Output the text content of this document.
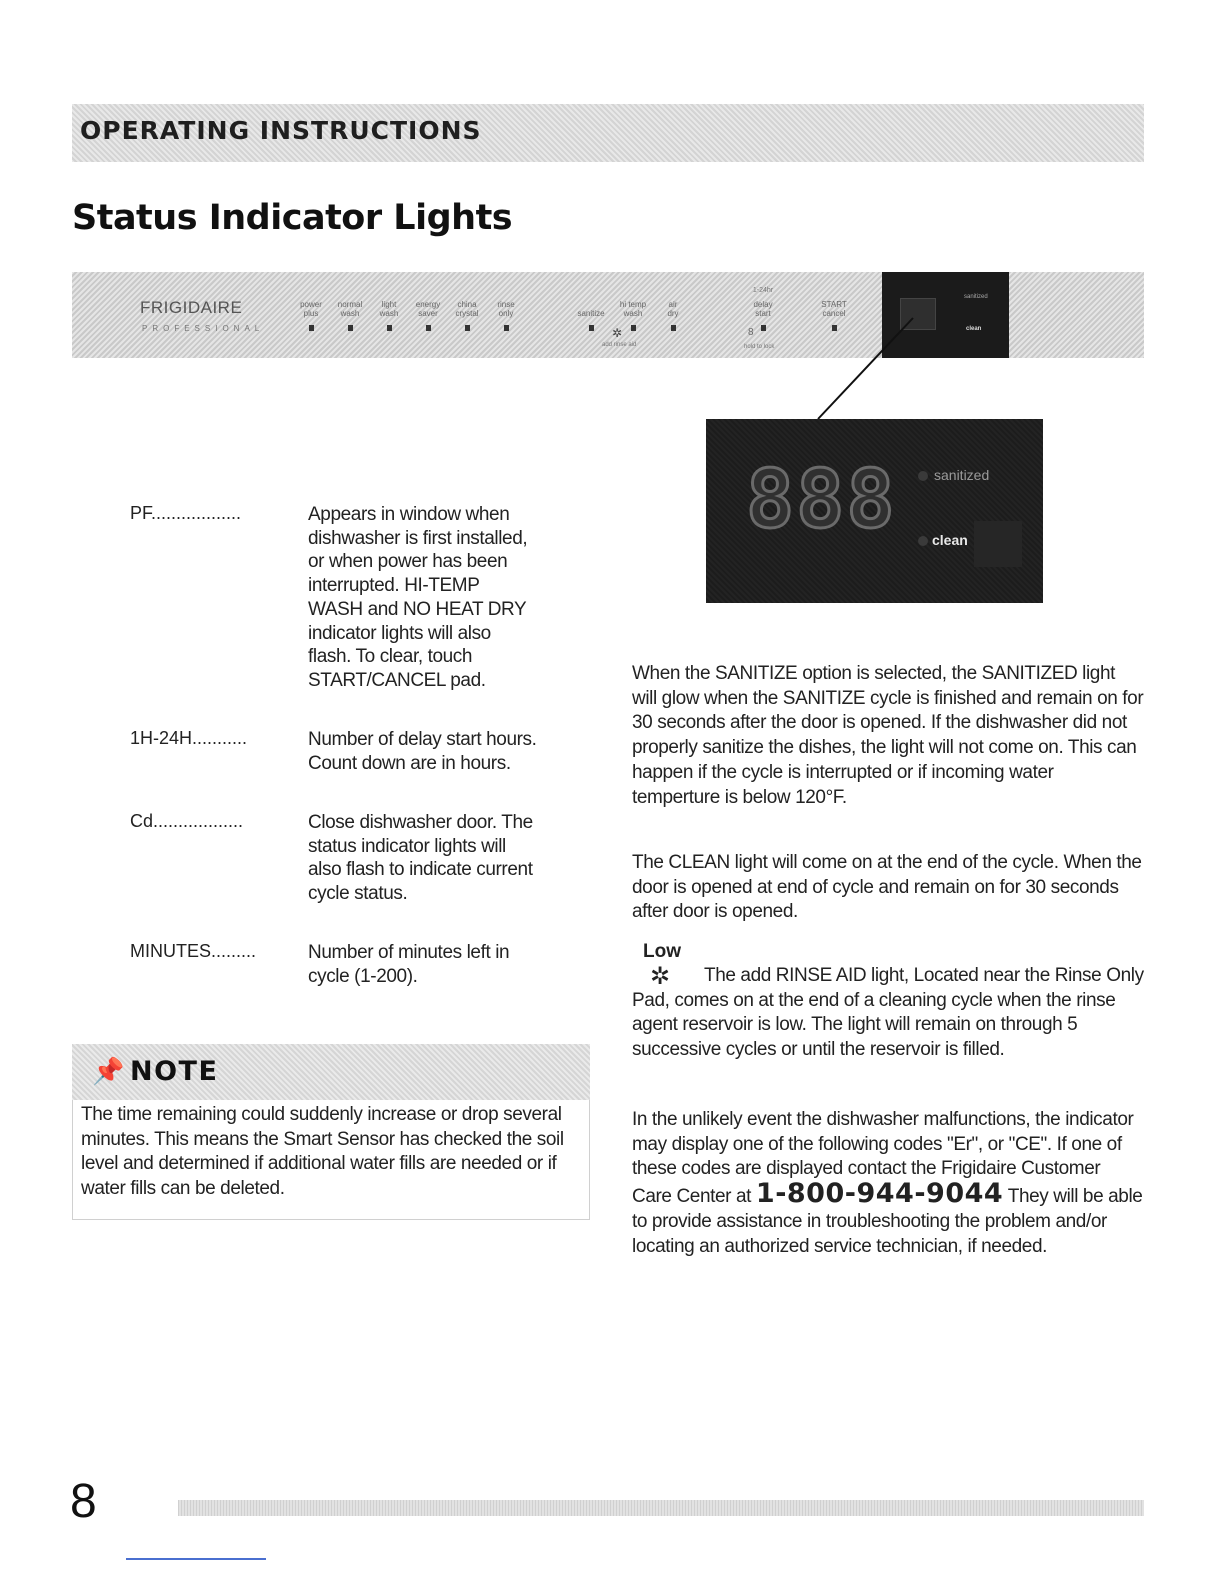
OPERATING INSTRUCTIONS
Status Indicator Lights
FRIGIDAIRE
PROFESSIONAL
power
plus
normal
wash
light
wash
energy
saver
china
crystal
rinse
only
✲
add rinse aid

sanitize
hi temp
wash
air
dry
1-24hr
delay
start
8
hold to lock
START
cancel
sanitized
clean
888	sanitized
clean
PF..................	Appears in window when dishwasher is first installed, or when power has been interrupted. HI-TEMP WASH and NO HEAT DRY indicator lights will also flash. To clear, touch START/CANCEL pad.
1H-24H...........	Number of delay start hours. Count down are in hours.
Cd..................	Close dishwasher door. The status indicator lights will also flash to indicate current cycle status.
MINUTES.........	Number of minutes left in cycle (1-200).
📌 NOTE
The time remaining could suddenly increase or drop several minutes. This means the Smart Sensor has checked the soil level and determined if additional water fills are needed or if water fills can be deleted.
When the SANITIZE option is selected, the SANITIZED light will glow when the SANITIZE cycle is finished and remain on for 30 seconds after the door is opened. If the dishwasher did not properly sanitize the dishes, the light will not come on. This can happen if the cycle is interrupted or if incoming water temperture is below 120°F.
The CLEAN light will come on at the end of the cycle. When the door is opened at end of cycle and remain on for 30 seconds after door is opened.
Low
✲	The add RINSE AID light, Located near the Rinse Only Pad, comes on at the end of a cleaning cycle when the rinse agent reservoir is low. The light will remain on through 5 successive cycles or until the reservoir is filled.
In the unlikely event the dishwasher malfunctions, the indicator may display one of the following codes "Er", or "CE". If one of these codes are displayed contact the Frigidaire Customer Care Center at 1-800-944-9044 They will be able to provide assistance in troubleshooting the problem and/or locating an authorized service technician, if needed.
8
